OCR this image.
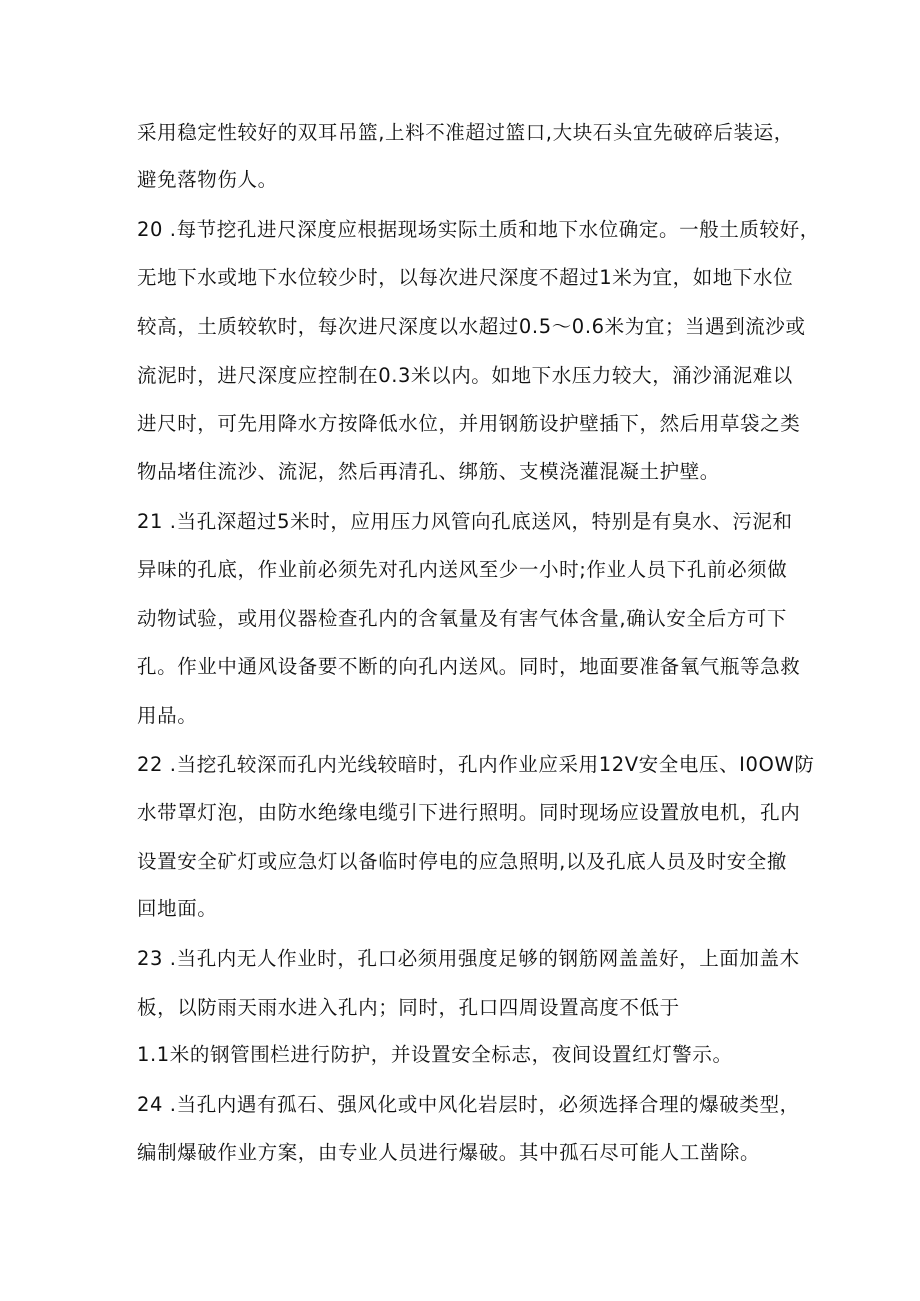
采用稳定性较好的双耳吊篮,上料不准超过篮口,大块石头宜先破碎后装运，
避免落物伤人。
20 .每节挖孔进尺深度应根据现场实际土质和地下水位确定。一般土质较好，
无地下水或地下水位较少时，以每次进尺深度不超过1米为宜，如地下水位
较高，土质较软时，每次进尺深度以水超过0.5～0.6米为宜；当遇到流沙或
流泥时，进尺深度应控制在0.3米以内。如地下水压力较大，涌沙涌泥难以
进尺时，可先用降水方按降低水位，并用钢筋设护壁插下，然后用草袋之类
物品堵住流沙、流泥，然后再清孔、绑筋、支模浇灌混凝土护壁。
21 .当孔深超过5米时，应用压力风管向孔底送风，特别是有臭水、污泥和
异味的孔底，作业前必须先对孔内送风至少一小时;作业人员下孔前必须做
动物试验，或用仪器检查孔内的含氧量及有害气体含量,确认安全后方可下
孔。作业中通风设备要不断的向孔内送风。同时，地面要准备氧气瓶等急救
用品。
22 .当挖孔较深而孔内光线较暗时，孔内作业应采用12V安全电压、I0OW防
水带罩灯泡，由防水绝缘电缆引下进行照明。同时现场应设置放电机，孔内
设置安全矿灯或应急灯以备临时停电的应急照明,以及孔底人员及时安全撤
回地面。
23 .当孔内无人作业时，孔口必须用强度足够的钢筋网盖盖好，上面加盖木
板，以防雨天雨水进入孔内；同时，孔口四周设置高度不低于
1.1米的钢管围栏进行防护，并设置安全标志，夜间设置红灯警示。
24 .当孔内遇有孤石、强风化或中风化岩层时，必须选择合理的爆破类型，
编制爆破作业方案，由专业人员进行爆破。其中孤石尽可能人工凿除。
